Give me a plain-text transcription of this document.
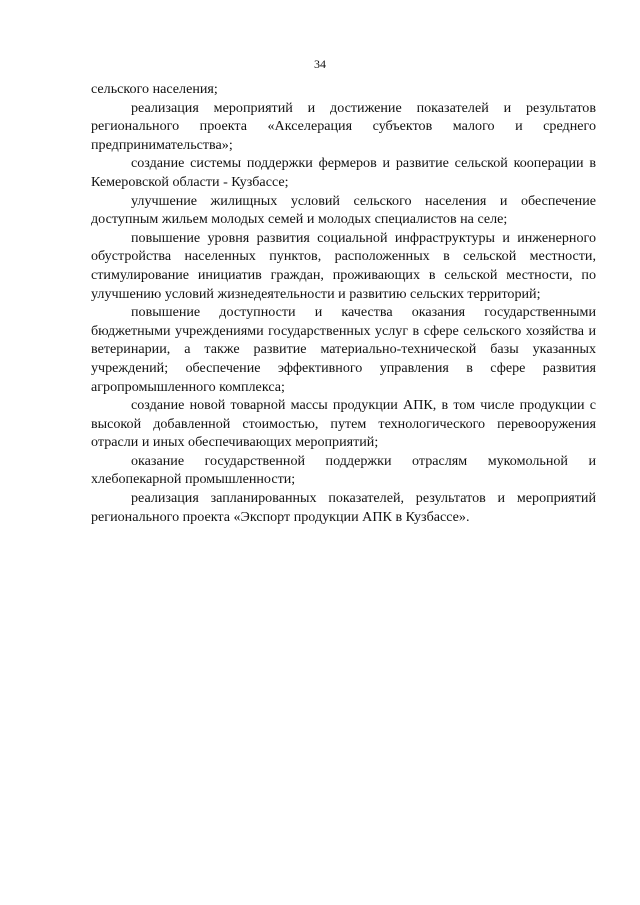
34

сельского населения;

реализация мероприятий и достижение показателей и результатов регионального проекта «Акселерация субъектов малого и среднего предпринимательства»;

создание системы поддержки фермеров и развитие сельской кооперации в Кемеровской области - Кузбассе;

улучшение жилищных условий сельского населения и обеспечение доступным жильем молодых семей и молодых специалистов на селе;

повышение уровня развития социальной инфраструктуры и инженерного обустройства населенных пунктов, расположенных в сельской местности, стимулирование инициатив граждан, проживающих в сельской местности, по улучшению условий жизнедеятельности и развитию сельских территорий;

повышение доступности и качества оказания государственными бюджетными учреждениями государственных услуг в сфере сельского хозяйства и ветеринарии, а также развитие материально-технической базы указанных учреждений; обеспечение эффективного управления в сфере развития агропромышленного комплекса;

создание новой товарной массы продукции АПК, в том числе продукции с высокой добавленной стоимостью, путем технологического перевооружения отрасли и иных обеспечивающих мероприятий;

оказание государственной поддержки отраслям мукомольной и хлебопекарной промышленности;

реализация запланированных показателей, результатов и мероприятий регионального проекта «Экспорт продукции АПК в Кузбассе».
